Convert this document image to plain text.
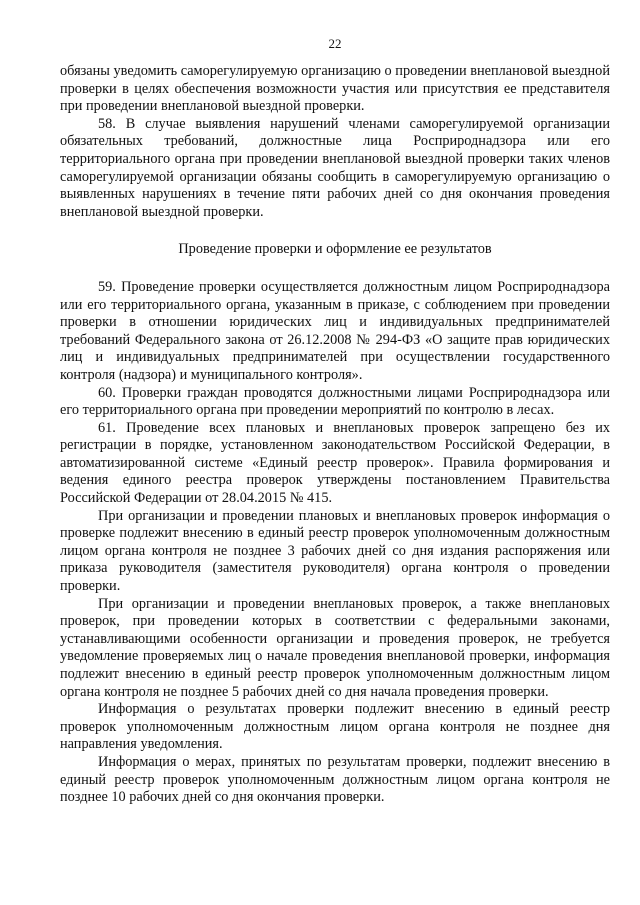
22

обязаны уведомить саморегулируемую организацию о проведении внеплановой выездной проверки в целях обеспечения возможности участия или присутствия ее представителя при проведении внеплановой выездной проверки.

58. В случае выявления нарушений членами саморегулируемой организации обязательных требований, должностные лица Росприроднадзора или его территориального органа при проведении внеплановой выездной проверки таких членов саморегулируемой организации обязаны сообщить в саморегулируемую организацию о выявленных нарушениях в течение пяти рабочих дней со дня окончания проведения внеплановой выездной проверки.

Проведение проверки и оформление ее результатов

59. Проведение проверки осуществляется должностным лицом Росприроднадзора или его территориального органа, указанным в приказе, с соблюдением при проведении проверки в отношении юридических лиц и индивидуальных предпринимателей требований Федерального закона от 26.12.2008 № 294-ФЗ «О защите прав юридических лиц и индивидуальных предпринимателей при осуществлении государственного контроля (надзора) и муниципального контроля».

60. Проверки граждан проводятся должностными лицами Росприроднадзора или его территориального органа при проведении мероприятий по контролю в лесах.

61. Проведение всех плановых и внеплановых проверок запрещено без их регистрации в порядке, установленном законодательством Российской Федерации, в автоматизированной системе «Единый реестр проверок». Правила формирования и ведения единого реестра проверок утверждены постановлением Правительства Российской Федерации от 28.04.2015 № 415.

При организации и проведении плановых и внеплановых проверок информация о проверке подлежит внесению в единый реестр проверок уполномоченным должностным лицом органа контроля не позднее 3 рабочих дней со дня издания распоряжения или приказа руководителя (заместителя руководителя) органа контроля о проведении проверки.

При организации и проведении внеплановых проверок, а также внеплановых проверок, при проведении которых в соответствии с федеральными законами, устанавливающими особенности организации и проведения проверок, не требуется уведомление проверяемых лиц о начале проведения внеплановой проверки, информация подлежит внесению в единый реестр проверок уполномоченным должностным лицом органа контроля не позднее 5 рабочих дней со дня начала проведения проверки.

Информация о результатах проверки подлежит внесению в единый реестр проверок уполномоченным должностным лицом органа контроля не позднее дня направления уведомления.

Информация о мерах, принятых по результатам проверки, подлежит внесению в единый реестр проверок уполномоченным должностным лицом органа контроля не позднее 10 рабочих дней со дня окончания проверки.
